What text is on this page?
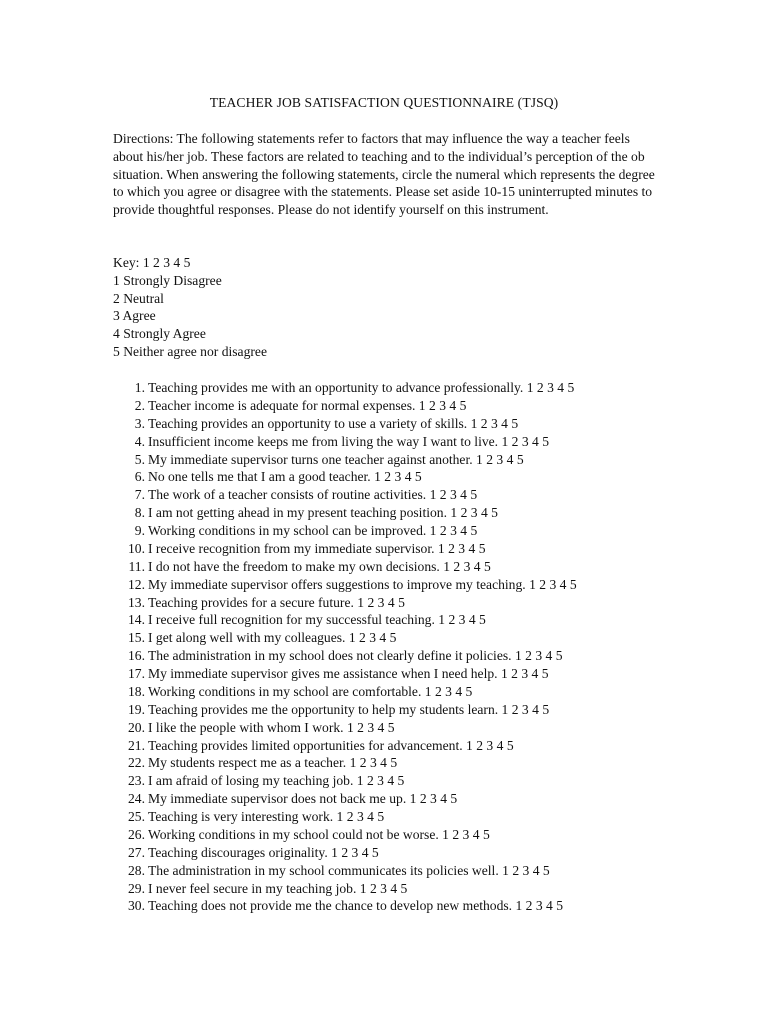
TEACHER JOB SATISFACTION QUESTIONNAIRE (TJSQ)

Directions: The following statements refer to factors that may influence the way a teacher feels about his/her job. These factors are related to teaching and to the individual’s perception of the ob situation. When answering the following statements, circle the numeral which represents the degree to which you agree or disagree with the statements. Please set aside 10-15 uninterrupted minutes to provide thoughtful responses. Please do not identify yourself on this instrument.

Key: 1 2 3 4 5
1 Strongly Disagree
2 Neutral
3 Agree
4 Strongly Agree
5 Neither agree nor disagree
1. Teaching provides me with an opportunity to advance professionally. 1 2 3 4 5
2. Teacher income is adequate for normal expenses. 1 2 3 4 5
3. Teaching provides an opportunity to use a variety of skills. 1 2 3 4 5
4. Insufficient income keeps me from living the way I want to live. 1 2 3 4 5
5. My immediate supervisor turns one teacher against another. 1 2 3 4 5
6. No one tells me that I am a good teacher. 1 2 3 4 5
7. The work of a teacher consists of routine activities. 1 2 3 4 5
8. I am not getting ahead in my present teaching position. 1 2 3 4 5
9. Working conditions in my school can be improved. 1 2 3 4 5
10. I receive recognition from my immediate supervisor. 1 2 3 4 5
11. I do not have the freedom to make my own decisions. 1 2 3 4 5
12. My immediate supervisor offers suggestions to improve my teaching. 1 2 3 4 5
13. Teaching provides for a secure future. 1 2 3 4 5
14. I receive full recognition for my successful teaching. 1 2 3 4 5
15. I get along well with my colleagues. 1 2 3 4 5
16. The administration in my school does not clearly define it policies. 1 2 3 4 5
17. My immediate supervisor gives me assistance when I need help. 1 2 3 4 5
18. Working conditions in my school are comfortable. 1 2 3 4 5
19. Teaching provides me the opportunity to help my students learn. 1 2 3 4 5
20. I like the people with whom I work. 1 2 3 4 5
21. Teaching provides limited opportunities for advancement. 1 2 3 4 5
22. My students respect me as a teacher. 1 2 3 4 5
23. I am afraid of losing my teaching job. 1 2 3 4 5
24. My immediate supervisor does not back me up. 1 2 3 4 5
25. Teaching is very interesting work. 1 2 3 4 5
26. Working conditions in my school could not be worse. 1 2 3 4 5
27. Teaching discourages originality. 1 2 3 4 5
28. The administration in my school communicates its policies well. 1 2 3 4 5
29. I never feel secure in my teaching job. 1 2 3 4 5
30. Teaching does not provide me the chance to develop new methods. 1 2 3 4 5
